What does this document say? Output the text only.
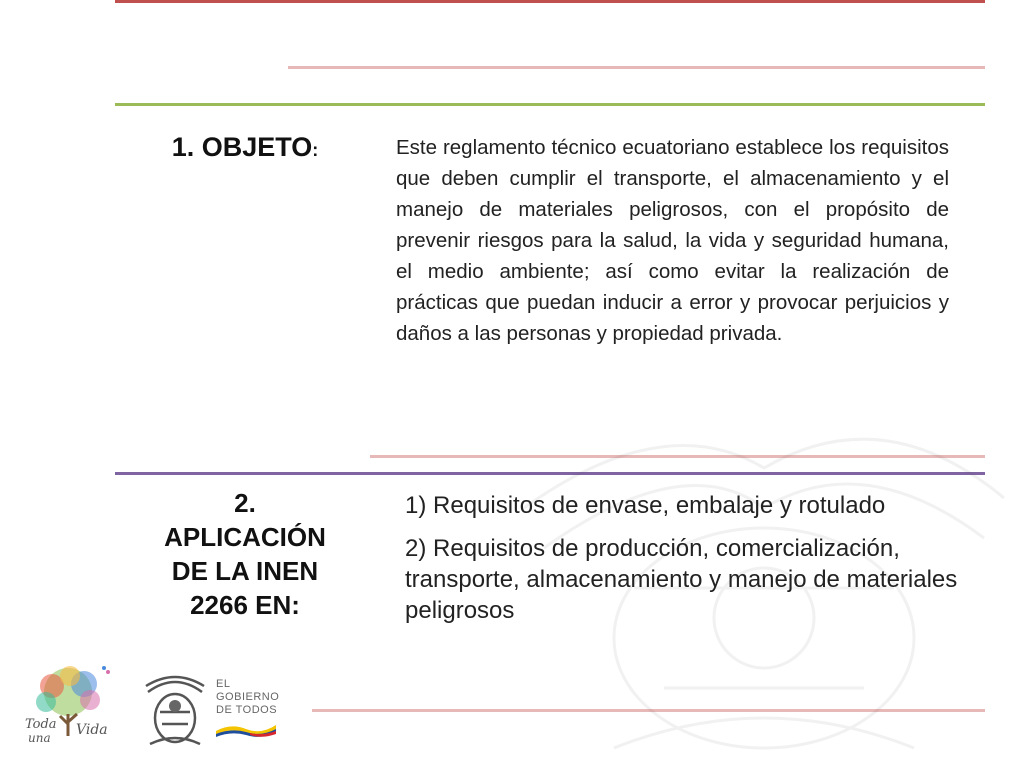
1. OBJETO:	Este reglamento técnico ecuatoriano establece los requisitos que deben cumplir el transporte, el almacenamiento y el manejo de materiales peligrosos, con el propósito de prevenir riesgos para la salud, la vida y seguridad humana, el medio ambiente; así como evitar la realización de prácticas que puedan inducir a error y provocar perjuicios y daños a las personas y propiedad privada.
2.
APLICACIÓN
DE LA INEN
2266 EN:

1) Requisitos de envase, embalaje y rotulado

2) Requisitos de producción, comercialización, transporte, almacenamiento y manejo de materiales peligrosos

Toda
una Vida
EL
GOBIERNO
DE TODOS
